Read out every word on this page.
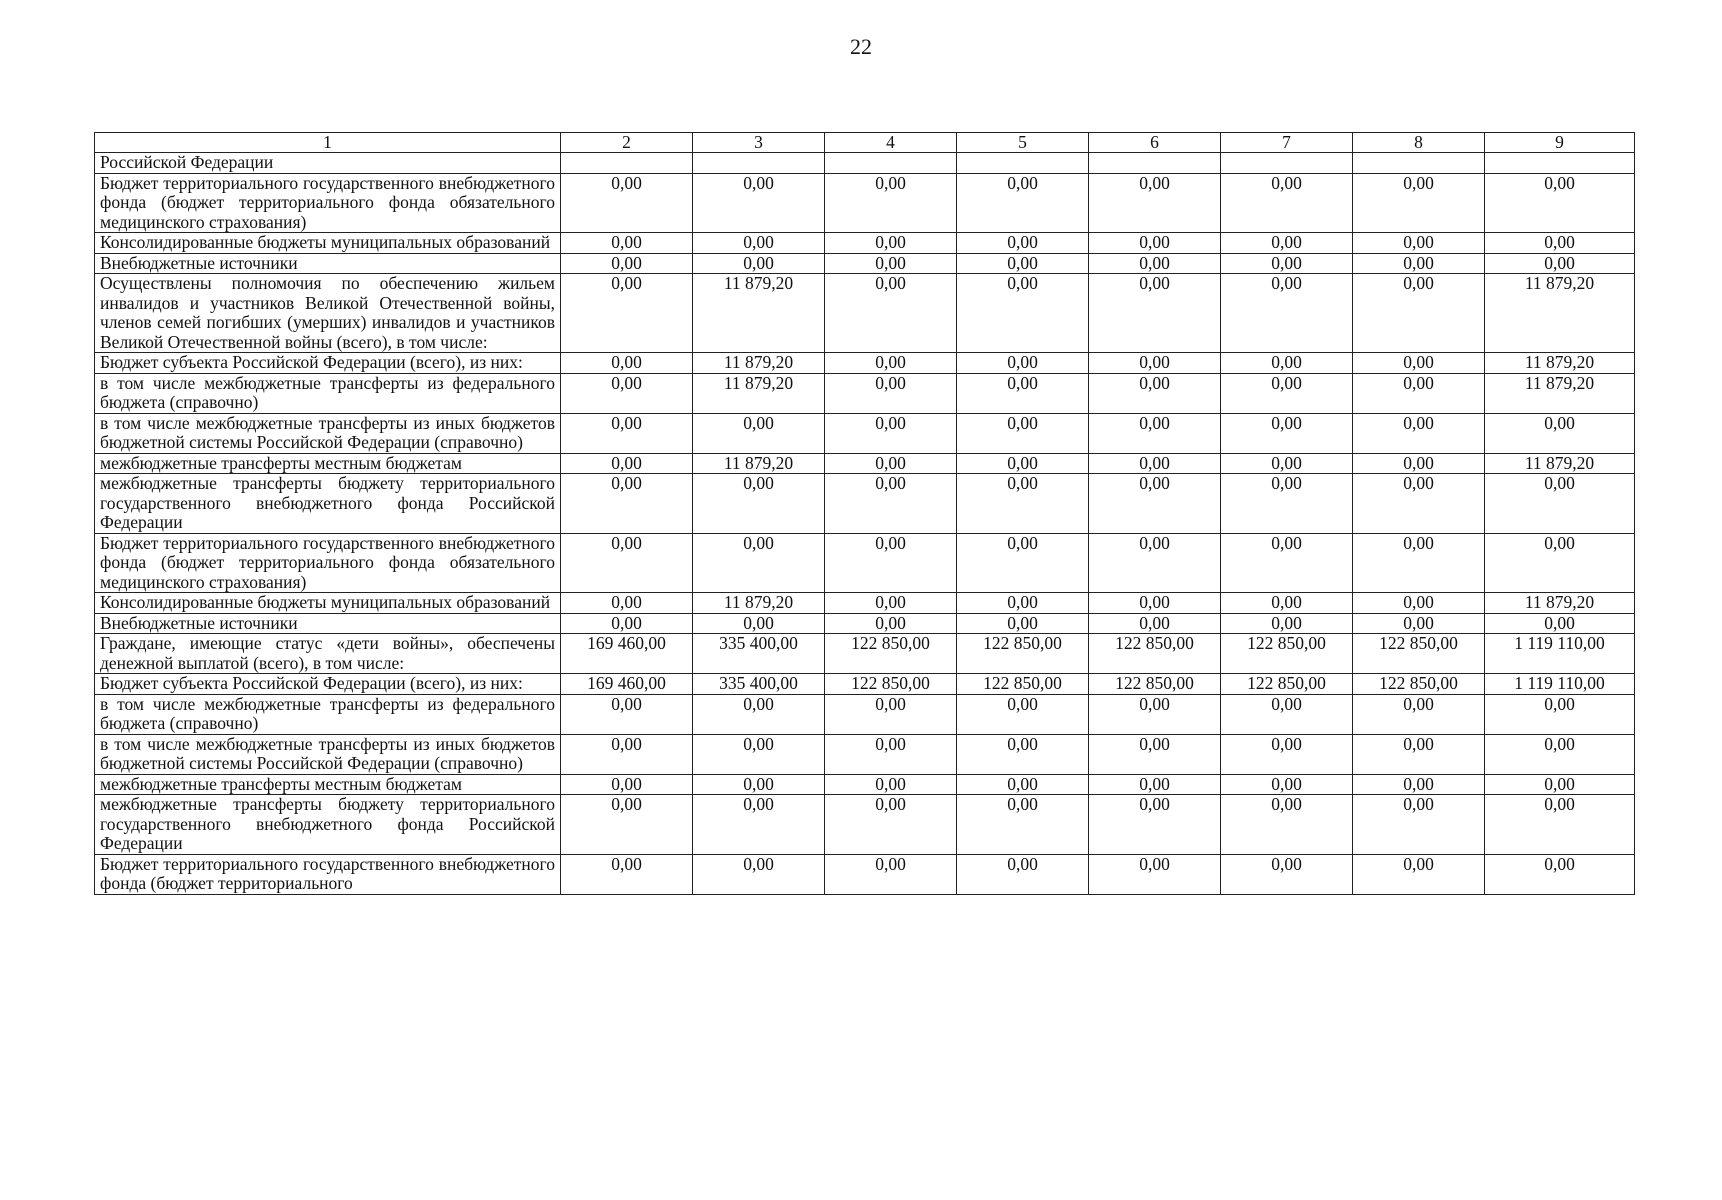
22
1	2	3	4	5	6	7	8	9
Российской Федерации								
Бюджет территориального государственного внебюджетного фонда (бюджет территориального фонда обязательного медицинского страхования)	0,00	0,00	0,00	0,00	0,00	0,00	0,00	0,00
Консолидированные бюджеты муниципальных образований	0,00	0,00	0,00	0,00	0,00	0,00	0,00	0,00
Внебюджетные источники	0,00	0,00	0,00	0,00	0,00	0,00	0,00	0,00
Осуществлены полномочия по обеспечению жильем инвалидов и участников Великой Отечественной войны, членов семей погибших (умерших) инвалидов и участников Великой Отечественной войны (всего), в том числе:	0,00	11 879,20	0,00	0,00	0,00	0,00	0,00	11 879,20
Бюджет субъекта Российской Федерации (всего), из них:	0,00	11 879,20	0,00	0,00	0,00	0,00	0,00	11 879,20
в том числе межбюджетные трансферты из федерального бюджета (справочно)	0,00	11 879,20	0,00	0,00	0,00	0,00	0,00	11 879,20
в том числе межбюджетные трансферты из иных бюджетов бюджетной системы Российской Федерации (справочно)	0,00	0,00	0,00	0,00	0,00	0,00	0,00	0,00
межбюджетные трансферты местным бюджетам	0,00	11 879,20	0,00	0,00	0,00	0,00	0,00	11 879,20
межбюджетные трансферты бюджету территориального государственного внебюджетного фонда Российской Федерации	0,00	0,00	0,00	0,00	0,00	0,00	0,00	0,00
Бюджет территориального государственного внебюджетного фонда (бюджет территориального фонда обязательного медицинского страхования)	0,00	0,00	0,00	0,00	0,00	0,00	0,00	0,00
Консолидированные бюджеты муниципальных образований	0,00	11 879,20	0,00	0,00	0,00	0,00	0,00	11 879,20
Внебюджетные источники	0,00	0,00	0,00	0,00	0,00	0,00	0,00	0,00
Граждане, имеющие статус «дети войны», обеспечены денежной выплатой (всего), в том числе:	169 460,00	335 400,00	122 850,00	122 850,00	122 850,00	122 850,00	122 850,00	1 119 110,00
Бюджет субъекта Российской Федерации (всего), из них:	169 460,00	335 400,00	122 850,00	122 850,00	122 850,00	122 850,00	122 850,00	1 119 110,00
в том числе межбюджетные трансферты из федерального бюджета (справочно)	0,00	0,00	0,00	0,00	0,00	0,00	0,00	0,00
в том числе межбюджетные трансферты из иных бюджетов бюджетной системы Российской Федерации (справочно)	0,00	0,00	0,00	0,00	0,00	0,00	0,00	0,00
межбюджетные трансферты местным бюджетам	0,00	0,00	0,00	0,00	0,00	0,00	0,00	0,00
межбюджетные трансферты бюджету территориального государственного внебюджетного фонда Российской Федерации	0,00	0,00	0,00	0,00	0,00	0,00	0,00	0,00
Бюджет территориального государственного внебюджетного фонда (бюджет территориального	0,00	0,00	0,00	0,00	0,00	0,00	0,00	0,00
